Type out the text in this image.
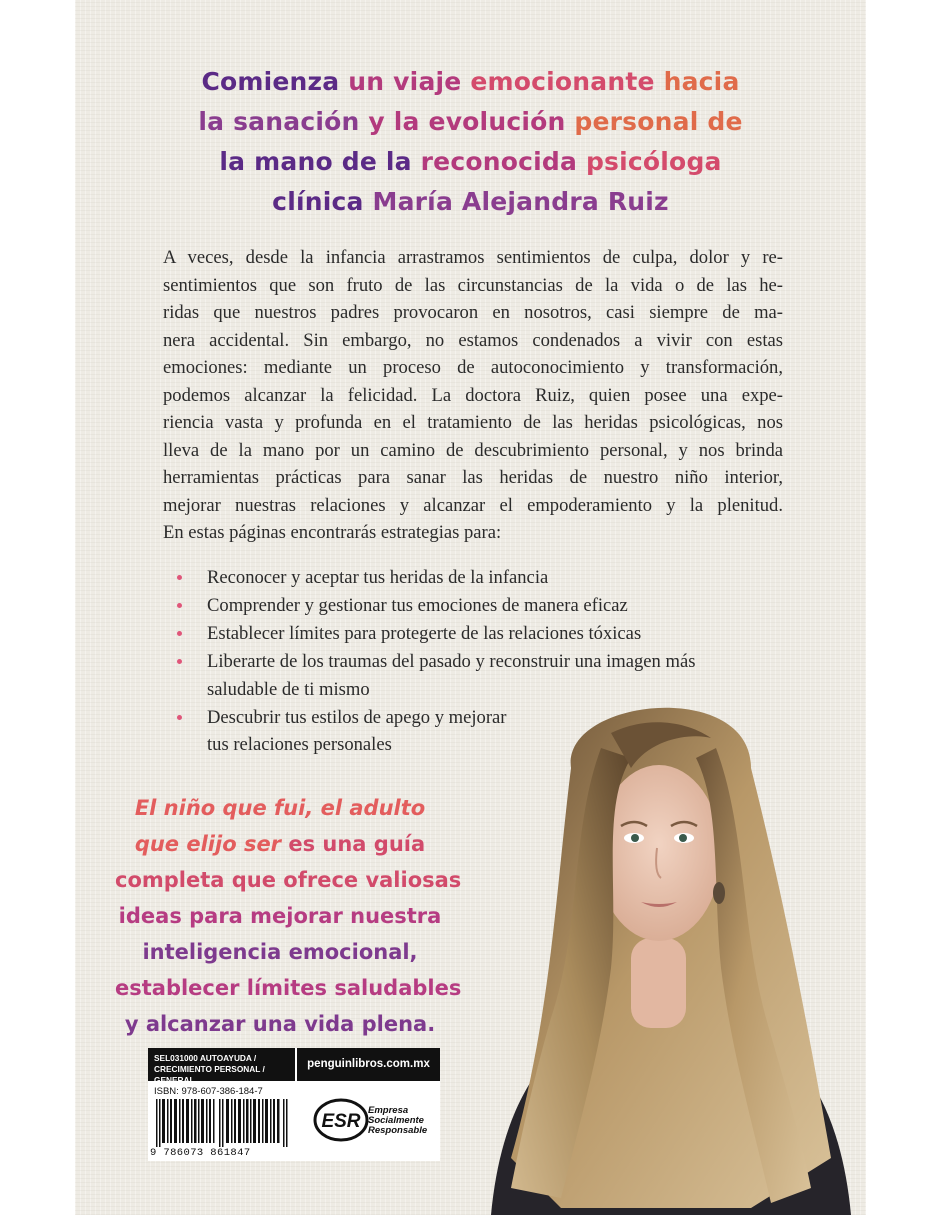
Comienza un viaje emocionante hacia
la sanación y la evolución personal de
la mano de la reconocida psicóloga
clínica María Alejandra Ruiz
A veces, desde la infancia arrastramos sentimientos de culpa, dolor y re-
sentimientos que son fruto de las circunstancias de la vida o de las he-
ridas que nuestros padres provocaron en nosotros, casi siempre de ma-
nera accidental. Sin embargo, no estamos condenados a vivir con estas
emociones: mediante un proceso de autoconocimiento y transformación,
podemos alcanzar la felicidad. La doctora Ruiz, quien posee una expe-
riencia vasta y profunda en el tratamiento de las heridas psicológicas, nos
lleva de la mano por un camino de descubrimiento personal, y nos brinda
herramientas prácticas para sanar las heridas de nuestro niño interior,
mejorar nuestras relaciones y alcanzar el empoderamiento y la plenitud.
En estas páginas encontrarás estrategias para:
Reconocer y aceptar tus heridas de la infancia
Comprender y gestionar tus emociones de manera eficaz
Establecer límites para protegerte de las relaciones tóxicas
Liberarte de los traumas del pasado y reconstruir una imagen más
saludable de ti mismo
Descubrir tus estilos de apego y mejorar
tus relaciones personales
El niño que fui, el adulto
que elijo ser es una guía
completa que ofrece valiosas
ideas para mejorar nuestra
inteligencia emocional,
establecer límites saludables
y alcanzar una vida plena.
SEL031000 AUTOAYUDA / CRECIMIENTO PERSONAL / GENERAL
penguinlibros.com.mx
ISBN: 978-607-386-184-7
9 786073 861847
ESR
Empresa
Socialmente
Responsable
